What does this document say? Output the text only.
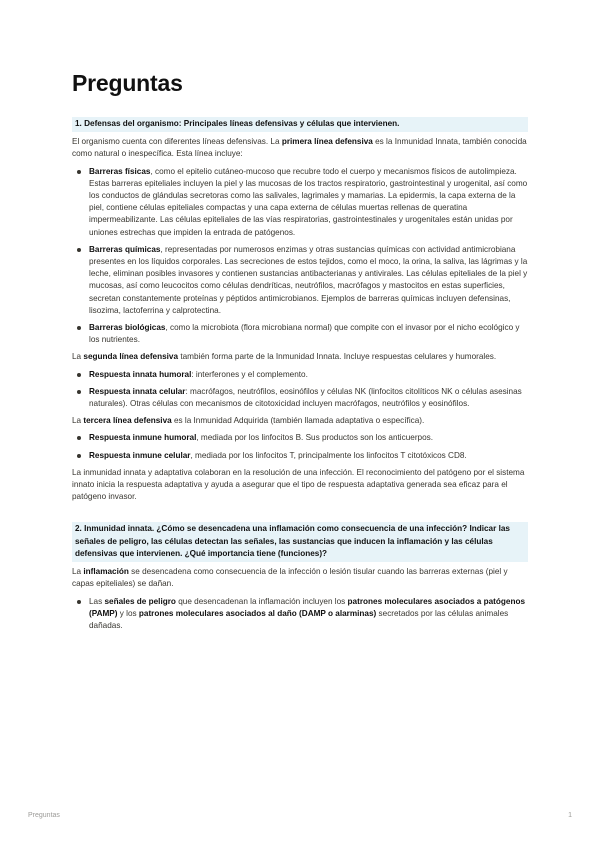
Preguntas
1. Defensas del organismo: Principales líneas defensivas y células que intervienen.

El organismo cuenta con diferentes líneas defensivas. La primera línea defensiva es la Inmunidad Innata, también conocida como natural o inespecífica. Esta línea incluye:

Barreras físicas, como el epitelio cutáneo-mucoso que recubre todo el cuerpo y mecanismos físicos de autolimpieza. Estas barreras epiteliales incluyen la piel y las mucosas de los tractos respiratorio, gastrointestinal y urogenital, así como los conductos de glándulas secretoras como las salivales, lagrimales y mamarias. La epidermis, la capa externa de la piel, contiene células epiteliales compactas y una capa externa de células muertas rellenas de queratina impermeabilizante. Las células epiteliales de las vías respiratorias, gastrointestinales y urogenitales están unidas por uniones estrechas que impiden la entrada de patógenos.
Barreras químicas, representadas por numerosos enzimas y otras sustancias químicas con actividad antimicrobiana presentes en los líquidos corporales. Las secreciones de estos tejidos, como el moco, la orina, la saliva, las lágrimas y la leche, eliminan posibles invasores y contienen sustancias antibacterianas y antivirales. Las células epiteliales de la piel y mucosas, así como leucocitos como células dendríticas, neutrófilos, macrófagos y mastocitos en estas superficies, secretan constantemente proteínas y péptidos antimicrobianos. Ejemplos de barreras químicas incluyen defensinas, lisozima, lactoferrina y calprotectina.
Barreras biológicas, como la microbiota (flora microbiana normal) que compite con el invasor por el nicho ecológico y los nutrientes.

La segunda línea defensiva también forma parte de la Inmunidad Innata. Incluye respuestas celulares y humorales.

Respuesta innata humoral: interferones y el complemento.
Respuesta innata celular: macrófagos, neutrófilos, eosinófilos y células NK (linfocitos citolíticos NK o células asesinas naturales). Otras células con mecanismos de citotoxicidad incluyen macrófagos, neutrófilos y eosinófilos.

La tercera línea defensiva es la Inmunidad Adquirida (también llamada adaptativa o específica).

Respuesta inmune humoral, mediada por los linfocitos B. Sus productos son los anticuerpos.
Respuesta inmune celular, mediada por los linfocitos T, principalmente los linfocitos T citotóxicos CD8.

La inmunidad innata y adaptativa colaboran en la resolución de una infección. El reconocimiento del patógeno por el sistema innato inicia la respuesta adaptativa y ayuda a asegurar que el tipo de respuesta adaptativa generada sea eficaz para el patógeno invasor.

2. Inmunidad innata. ¿Cómo se desencadena una inflamación como consecuencia de una infección? Indicar las señales de peligro, las células detectan las señales, las sustancias que inducen la inflamación y las células defensivas que intervienen. ¿Qué importancia tiene (funciones)?

La inflamación se desencadena como consecuencia de la infección o lesión tisular cuando las barreras externas (piel y capas epiteliales) se dañan.

Las señales de peligro que desencadenan la inflamación incluyen los patrones moleculares asociados a patógenos (PAMP) y los patrones moleculares asociados al daño (DAMP o alarminas) secretados por las células animales dañadas.
Preguntas	1
